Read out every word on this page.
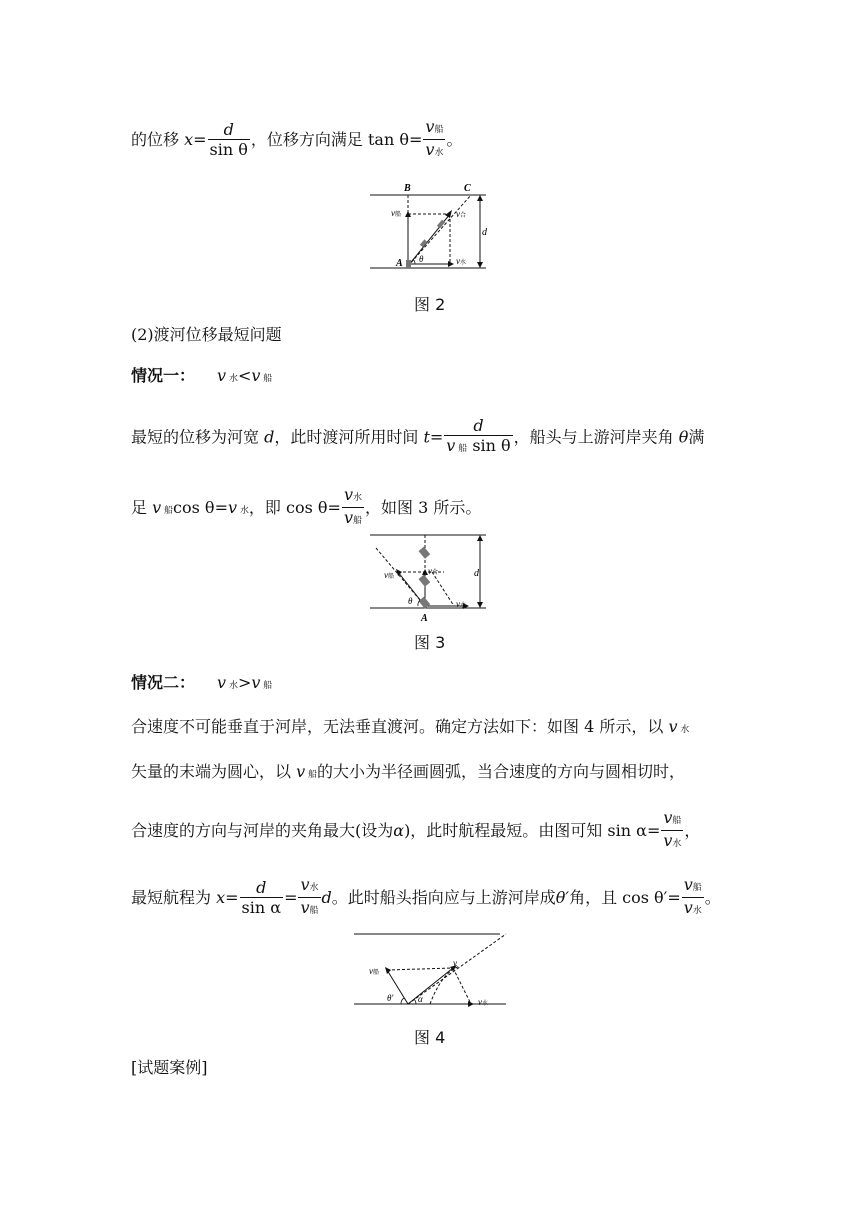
的位移 $x= \frac{d}{\text{sin θ}}$ ，位移方向满足 $\tan \theta= \frac{\text{v船}}{\text{v水}}$ 。
B	C
A θ
v船	v合
v水
d
图 2
(2)渡河位移最短问题
情况一： v 水<v 船
最短的位移为河宽 d，此时渡河所用时间 $t= \frac{d}{\text{v 船 sin θ}}$ ，船头与上游河岸夹角 θ满
足 v 船cos θ=v 水，即 $\cos \theta= \frac{\text{v水}}{\text{v船}}$ ，如图 3 所示。
θ
v船
v合
v水
A
d
图 3
情况二： v 水>v 船
合速度不可能垂直于河岸，无法垂直渡河。确定方法如下：如图 4 所示，以 v 水
矢量的末端为圆心，以 v 船的大小为半径画圆弧，当合速度的方向与圆相切时，
合速度的方向与河岸的夹角最大(设为α)，此时航程最短。由图可知 $\sin \alpha= \frac{\text{v船}}{\text{v水}}$ ，
最短航程为 $x= \frac{d}{\text{sin α}} = \frac{\text{v水}}{\text{v船}}$ d。此时船头指向应与上游河岸成θ′角，且 $\cos \theta'= \frac{\text{v船}}{\text{v水}}$ 。
θ′	α
v船
v
v水
图 4
[试题案例]
